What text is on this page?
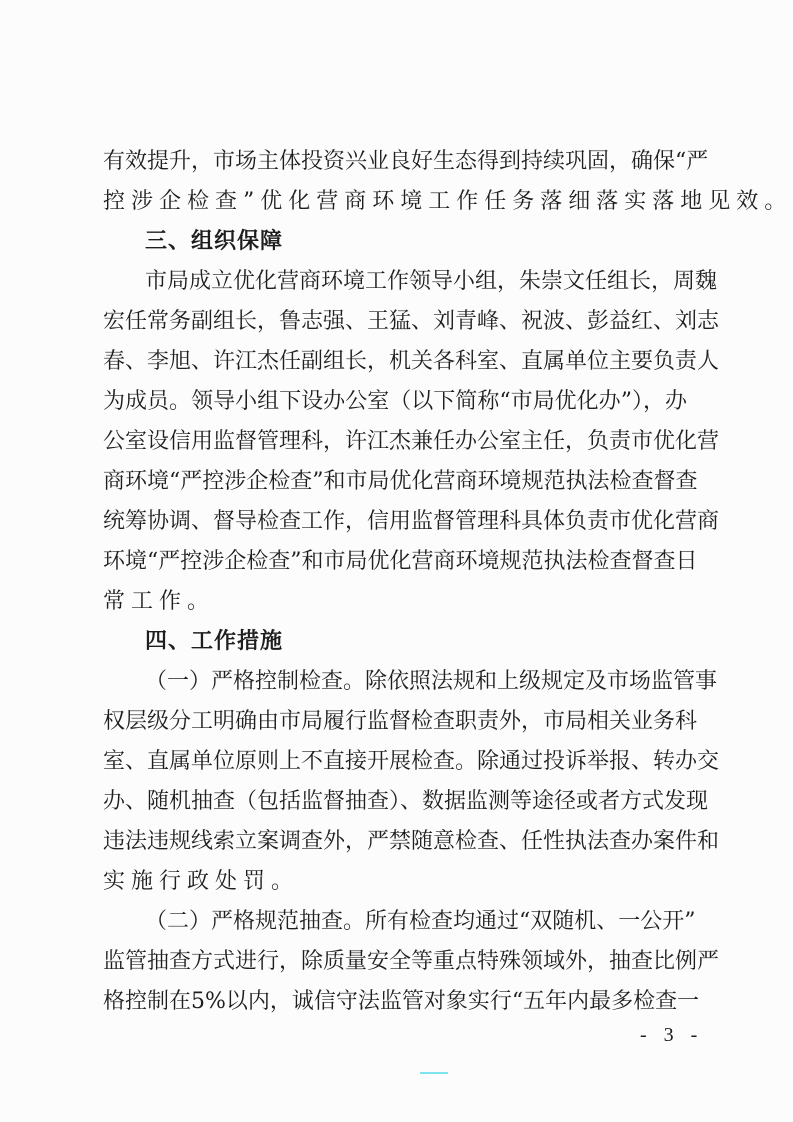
有效提升，市场主体投资兴业良好生态得到持续巩固，确保“严
控涉企检查”优化营商环境工作任务落细落实落地见效。
三、组织保障
市局成立优化营商环境工作领导小组，朱崇文任组长，周魏
宏任常务副组长，鲁志强、王猛、刘青峰、祝波、彭益红、刘志
春、李旭、许江杰任副组长，机关各科室、直属单位主要负责人
为成员。领导小组下设办公室（以下简称“市局优化办”），办
公室设信用监督管理科，许江杰兼任办公室主任，负责市优化营
商环境“严控涉企检查”和市局优化营商环境规范执法检查督查
统筹协调、督导检查工作，信用监督管理科具体负责市优化营商
环境“严控涉企检查”和市局优化营商环境规范执法检查督查日
常工作。
四、工作措施
（一）严格控制检查。除依照法规和上级规定及市场监管事
权层级分工明确由市局履行监督检查职责外，市局相关业务科
室、直属单位原则上不直接开展检查。除通过投诉举报、转办交
办、随机抽查（包括监督抽查）、数据监测等途径或者方式发现
违法违规线索立案调查外，严禁随意检查、任性执法查办案件和
实施行政处罚。
（二）严格规范抽查。所有检查均通过“双随机、一公开”
监管抽查方式进行，除质量安全等重点特殊领域外，抽查比例严
格控制在5%以内，诚信守法监管对象实行“五年内最多检查一
- 3 -
